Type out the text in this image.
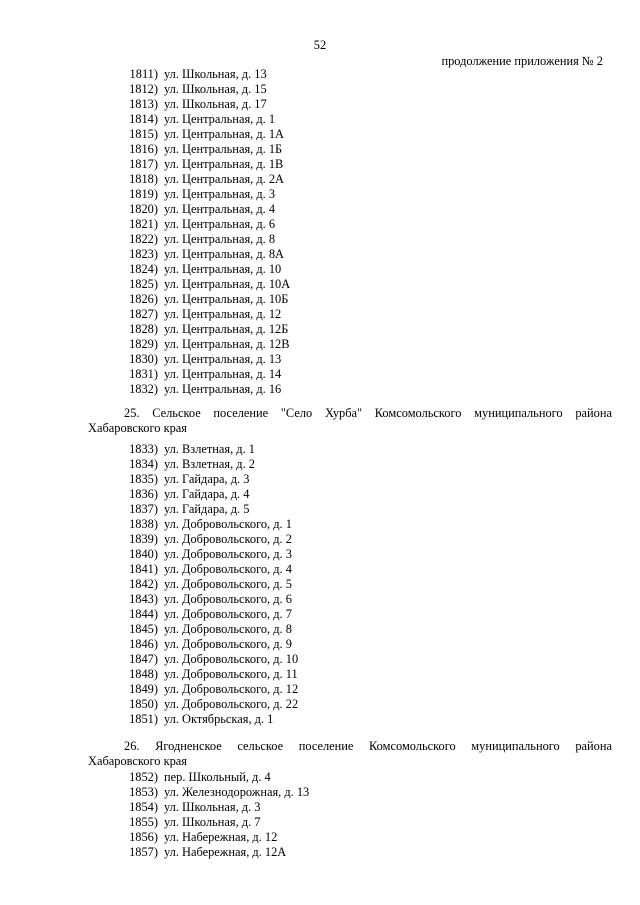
52
продолжение приложения № 2
1811) ул. Школьная, д. 13
1812) ул. Школьная, д. 15
1813) ул. Школьная, д. 17
1814) ул. Центральная, д. 1
1815) ул. Центральная, д. 1А
1816) ул. Центральная, д. 1Б
1817) ул. Центральная, д. 1В
1818) ул. Центральная, д. 2А
1819) ул. Центральная, д. 3
1820) ул. Центральная, д. 4
1821) ул. Центральная, д. 6
1822) ул. Центральная, д. 8
1823) ул. Центральная, д. 8А
1824) ул. Центральная, д. 10
1825) ул. Центральная, д. 10А
1826) ул. Центральная, д. 10Б
1827) ул. Центральная, д. 12
1828) ул. Центральная, д. 12Б
1829) ул. Центральная, д. 12В
1830) ул. Центральная, д. 13
1831) ул. Центральная, д. 14
1832) ул. Центральная, д. 16
25. Сельское поселение "Село Хурба" Комсомольского муниципального района Хабаровского края
1833) ул. Взлетная, д. 1
1834) ул. Взлетная, д. 2
1835) ул. Гайдара, д. 3
1836) ул. Гайдара, д. 4
1837) ул. Гайдара, д. 5
1838) ул. Добровольского, д. 1
1839) ул. Добровольского, д. 2
1840) ул. Добровольского, д. 3
1841) ул. Добровольского, д. 4
1842) ул. Добровольского, д. 5
1843) ул. Добровольского, д. 6
1844) ул. Добровольского, д. 7
1845) ул. Добровольского, д. 8
1846) ул. Добровольского, д. 9
1847) ул. Добровольского, д. 10
1848) ул. Добровольского, д. 11
1849) ул. Добровольского, д. 12
1850) ул. Добровольского, д. 22
1851) ул. Октябрьская, д. 1
26. Ягодненское сельское поселение Комсомольского муниципального района Хабаровского края
1852) пер. Школьный, д. 4
1853) ул. Железнодорожная, д. 13
1854) ул. Школьная, д. 3
1855) ул. Школьная, д. 7
1856) ул. Набережная, д. 12
1857) ул. Набережная, д. 12А
